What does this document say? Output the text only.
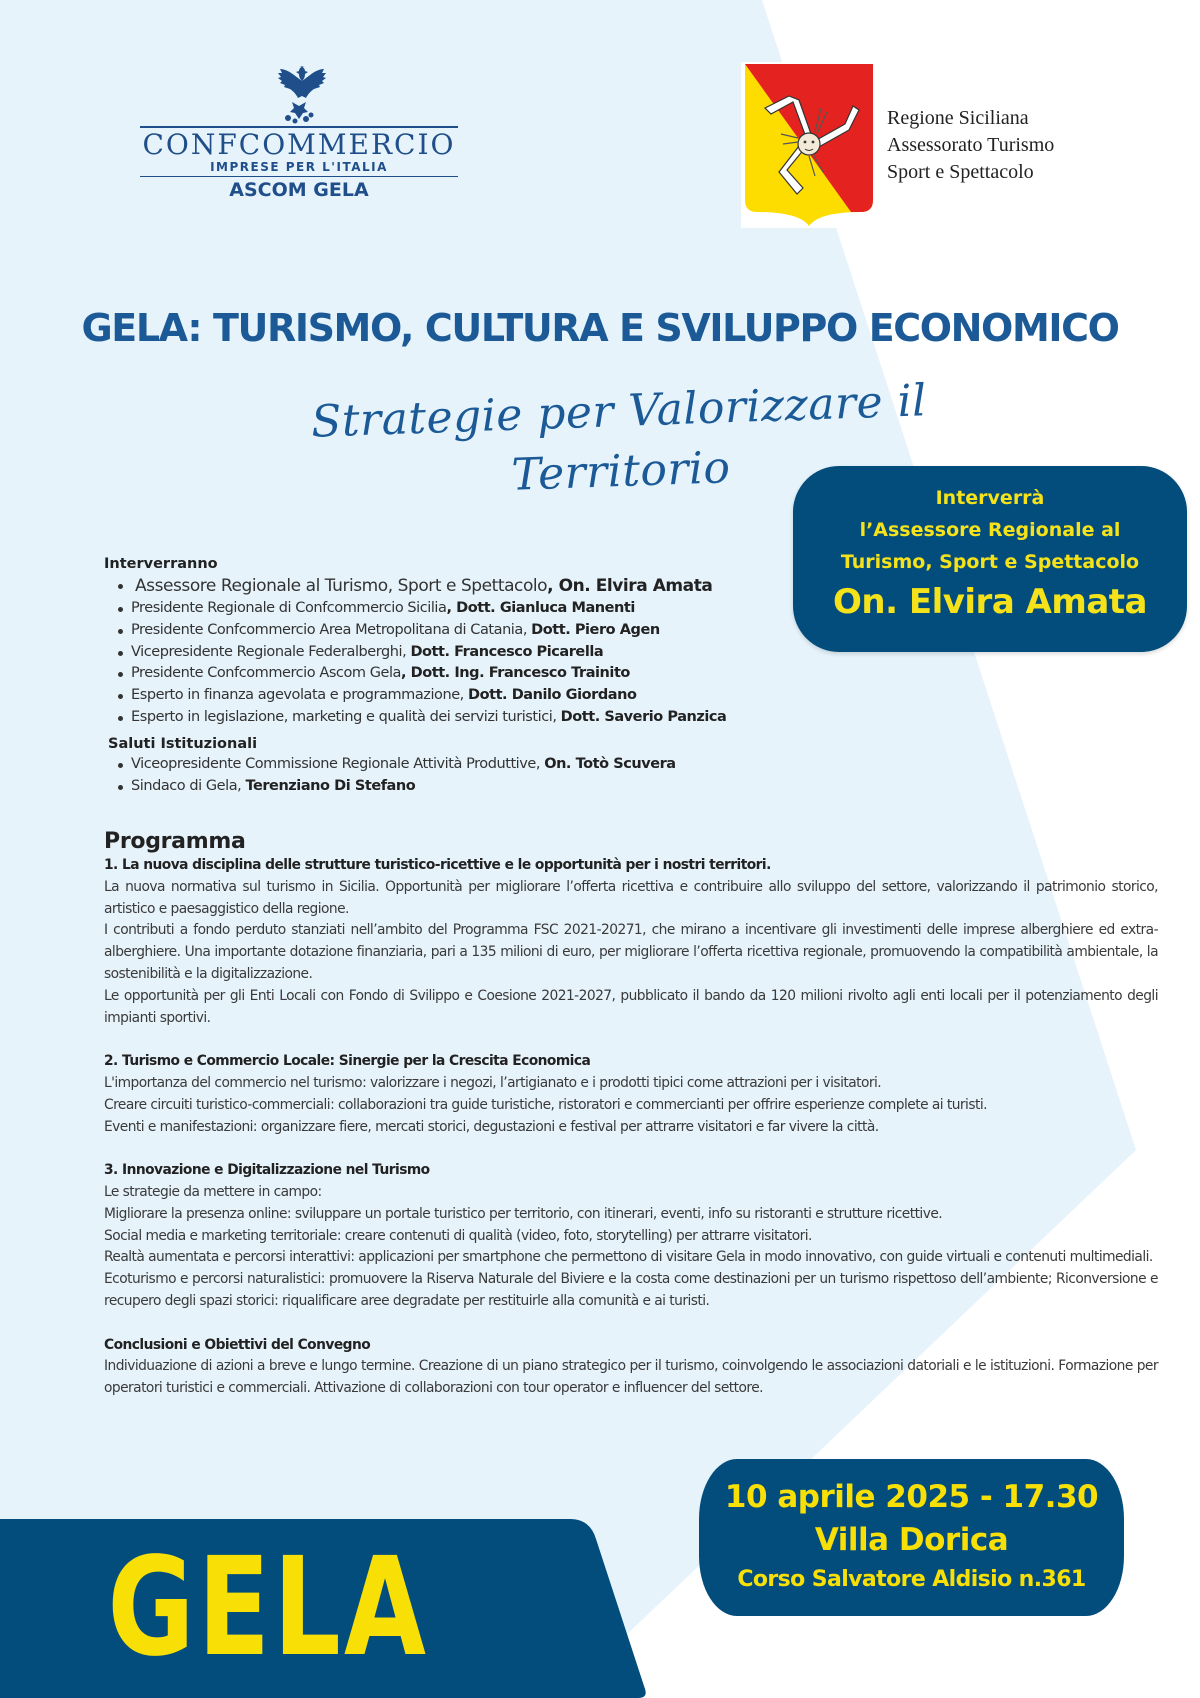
CONFCOMMERCIO
IMPRESE PER L'ITALIA
ASCOM GELA
Regione Siciliana
Assessorato Turismo
Sport e Spettacolo
GELA: TURISMO, CULTURA E SVILUPPO ECONOMICO
Strategie per Valorizzare il Territorio	Interverrà
l’Assessore Regionale al
Turismo, Sport e Spettacolo
On. Elvira Amata
Interverranno
Assessore Regionale al Turismo, Sport e Spettacolo, On. Elvira Amata
Presidente Regionale di Confcommercio Sicilia, Dott. Gianluca Manenti
Presidente Confcommercio Area Metropolitana di Catania, Dott. Piero Agen
Vicepresidente Regionale Federalberghi, Dott. Francesco Picarella
Presidente Confcommercio Ascom Gela, Dott. Ing. Francesco Trainito
Esperto in finanza agevolata e programmazione, Dott. Danilo Giordano
Esperto in legislazione, marketing e qualità dei servizi turistici, Dott. Saverio Panzica
Saluti Istituzionali
Viceopresidente Commissione Regionale Attività Produttive, On. Totò Scuvera
Sindaco di Gela, Terenziano Di Stefano
Programma
1. La nuova disciplina delle strutture turistico-ricettive e le opportunità per i nostri territori.

La nuova normativa sul turismo in Sicilia. Opportunità per migliorare l’offerta ricettiva e contribuire allo sviluppo del settore, valorizzando il patrimonio storico, artistico e paesaggistico della regione.

I contributi a fondo perduto stanziati nell’ambito del Programma FSC 2021-20271, che mirano a incentivare gli investimenti delle imprese alberghiere ed extra-alberghiere. Una importante dotazione finanziaria, pari a 135 milioni di euro, per migliorare l’offerta ricettiva regionale, promuovendo la compatibilità ambientale, la sostenibilità e la digitalizzazione.

Le opportunità per gli Enti Locali con Fondo di Svilippo e Coesione 2021-2027, pubblicato il bando da 120 milioni rivolto agli enti locali per il potenziamento degli impianti sportivi.

2. Turismo e Commercio Locale: Sinergie per la Crescita Economica

L'importanza del commercio nel turismo: valorizzare i negozi, l’artigianato e i prodotti tipici come attrazioni per i visitatori.

Creare circuiti turistico-commerciali: collaborazioni tra guide turistiche, ristoratori e commercianti per offrire esperienze complete ai turisti.

Eventi e manifestazioni: organizzare fiere, mercati storici, degustazioni e festival per attrarre visitatori e far vivere la città.

3. Innovazione e Digitalizzazione nel Turismo

Le strategie da mettere in campo:

Migliorare la presenza online: sviluppare un portale turistico per territorio, con itinerari, eventi, info su ristoranti e strutture ricettive.

Social media e marketing territoriale: creare contenuti di qualità (video, foto, storytelling) per attrarre visitatori.

Realtà aumentata e percorsi interattivi: applicazioni per smartphone che permettono di visitare Gela in modo innovativo, con guide virtuali e contenuti multimediali.

Ecoturismo e percorsi naturalistici: promuovere la Riserva Naturale del Biviere e la costa come destinazioni per un turismo rispettoso dell’ambiente; Riconversione e recupero degli spazi storici: riqualificare aree degradate per restituirle alla comunità e ai turisti.

Conclusioni e Obiettivi del Convegno

Individuazione di azioni a breve e lungo termine. Creazione di un piano strategico per il turismo, coinvolgendo le associazioni datoriali e le istituzioni. Formazione per operatori turistici e commerciali. Attivazione di collaborazioni con tour operator e influencer del settore.

GELA
10 aprile 2025 - 17.30
Villa Dorica
Corso Salvatore Aldisio n.361
